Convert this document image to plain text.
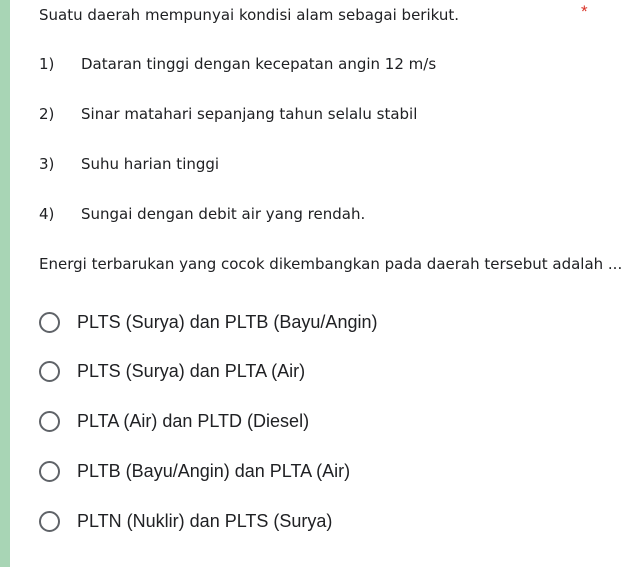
Suatu daerah mempunyai kondisi alam sebagai berikut.	*
1) Dataran tinggi dengan kecepatan angin 12 m/s
2) Sinar matahari sepanjang tahun selalu stabil
3) Suhu harian tinggi
4) Sungai dengan debit air yang rendah.
Energi terbarukan yang cocok dikembangkan pada daerah tersebut adalah ...
PLTS (Surya) dan PLTB (Bayu/Angin)
PLTS (Surya) dan PLTA (Air)
PLTA (Air) dan PLTD (Diesel)
PLTB (Bayu/Angin) dan PLTA (Air)
PLTN (Nuklir) dan PLTS (Surya)
